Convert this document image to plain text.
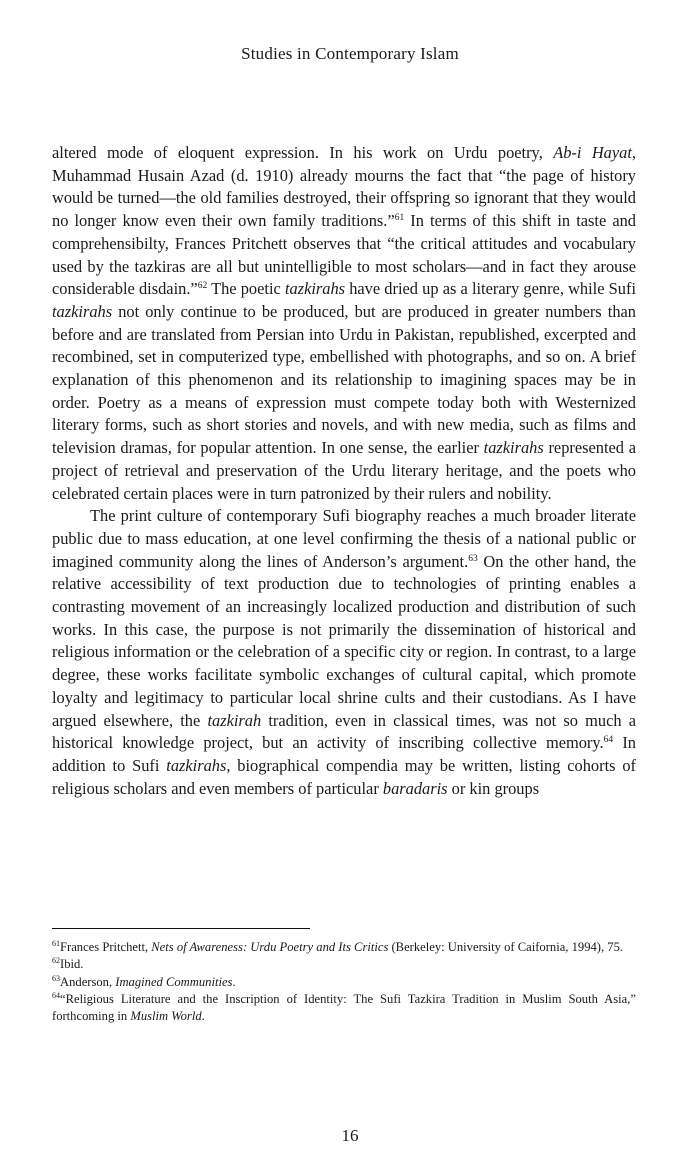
Studies in Contemporary Islam

altered mode of eloquent expression. In his work on Urdu poetry, Ab-i Hayat, Muhammad Husain Azad (d. 1910) already mourns the fact that “the page of history would be turned—the old families destroyed, their offspring so ignorant that they would no longer know even their own family traditions.”$^{61}$ In terms of this shift in taste and comprehensibilty, Frances Pritchett observes that “the critical attitudes and vocabulary used by the tazkiras are all but unintelligible to most scholars—and in fact they arouse considerable disdain.”$^{62}$ The poetic tazkirahs have dried up as a literary genre, while Sufi tazkirahs not only continue to be produced, but are produced in greater numbers than before and are translated from Persian into Urdu in Pakistan, republished, excerpted and recombined, set in computerized type, embellished with photographs, and so on. A brief explanation of this phenomenon and its relationship to imagining spaces may be in order. Poetry as a means of expression must compete today both with Westernized literary forms, such as short stories and novels, and with new media, such as films and television dramas, for popular attention. In one sense, the earlier tazkirahs represented a project of retrieval and preservation of the Urdu literary heritage, and the poets who celebrated certain places were in turn patronized by their rulers and nobility.

The print culture of contemporary Sufi biography reaches a much broader literate public due to mass education, at one level confirming the thesis of a national public or imagined community along the lines of Anderson’s argument.$^{63}$ On the other hand, the relative accessibility of text production due to technologies of printing enables a contrasting movement of an increasingly localized production and distribution of such works. In this case, the purpose is not primarily the dissemination of historical and religious information or the celebration of a specific city or region. In contrast, to a large degree, these works facilitate symbolic exchanges of cultural capital, which promote loyalty and legitimacy to particular local shrine cults and their custodians. As I have argued elsewhere, the tazkirah tradition, even in classical times, was not so much a historical knowledge project, but an activity of inscribing collective memory.$^{64}$ In addition to Sufi tazkirahs, biographical compendia may be written, listing cohorts of religious scholars and even members of particular baradaris or kin groups

$^{61}$Frances Pritchett, Nets of Awareness: Urdu Poetry and Its Critics (Berkeley: University of Caifornia, 1994), 75.

$^{62}$Ibid.

$^{63}$Anderson, Imagined Communities.

$^{64}$“Religious Literature and the Inscription of Identity: The Sufi Tazkira Tradition in Muslim South Asia,” forthcoming in Muslim World.

16
